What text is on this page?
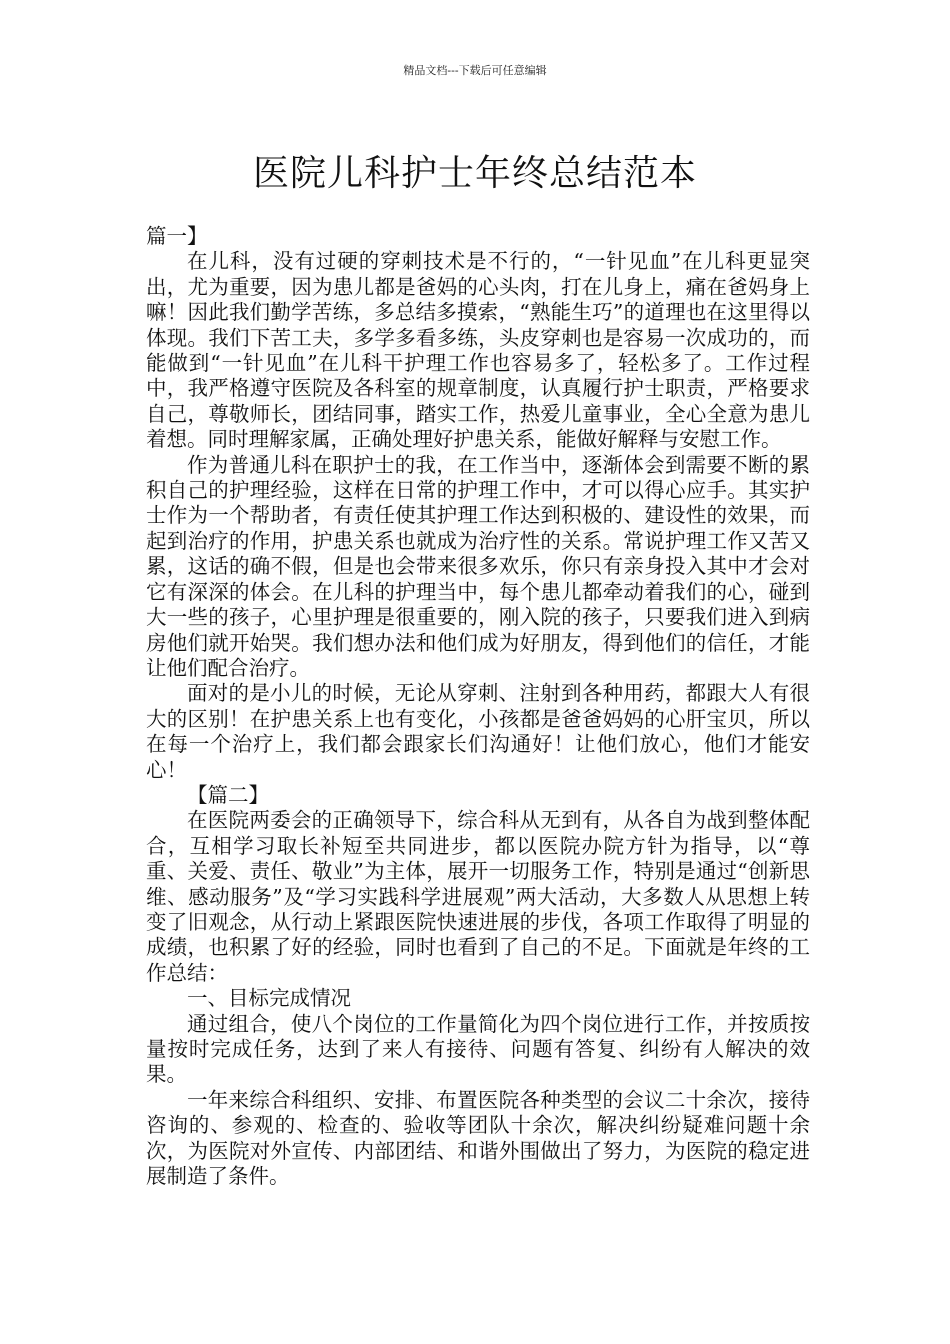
精品文档---下载后可任意编辑
医院儿科护士年终总结范本

篇一】

在儿科，没有过硬的穿刺技术是不行的，“一针见血”在儿科更显突出，尤为重要，因为患儿都是爸妈的心头肉，打在儿身上，痛在爸妈身上嘛！因此我们勤学苦练，多总结多摸索，“熟能生巧”的道理也在这里得以体现。我们下苦工夫，多学多看多练，头皮穿刺也是容易一次成功的，而能做到“一针见血”在儿科干护理工作也容易多了，轻松多了。工作过程中，我严格遵守医院及各科室的规章制度，认真履行护士职责，严格要求自己，尊敬师长，团结同事，踏实工作，热爱儿童事业，全心全意为患儿着想。同时理解家属，正确处理好护患关系，能做好解释与安慰工作。

作为普通儿科在职护士的我，在工作当中，逐渐体会到需要不断的累积自己的护理经验，这样在日常的护理工作中，才可以得心应手。其实护士作为一个帮助者，有责任使其护理工作达到积极的、建设性的效果，而起到治疗的作用，护患关系也就成为治疗性的关系。常说护理工作又苦又累，这话的确不假，但是也会带来很多欢乐，你只有亲身投入其中才会对它有深深的体会。在儿科的护理当中，每个患儿都牵动着我们的心，碰到大一些的孩子，心里护理是很重要的，刚入院的孩子，只要我们进入到病房他们就开始哭。我们想办法和他们成为好朋友，得到他们的信任，才能让他们配合治疗。

面对的是小儿的时候，无论从穿刺、注射到各种用药，都跟大人有很大的区别！在护患关系上也有变化，小孩都是爸爸妈妈的心肝宝贝，所以在每一个治疗上，我们都会跟家长们沟通好！让他们放心，他们才能安心！

【篇二】

在医院两委会的正确领导下，综合科从无到有，从各自为战到整体配合，互相学习取长补短至共同进步，都以医院办院方针为指导，以“尊重、关爱、责任、敬业”为主体，展开一切服务工作，特别是通过“创新思维、感动服务”及“学习实践科学进展观”两大活动，大多数人从思想上转变了旧观念，从行动上紧跟医院快速进展的步伐，各项工作取得了明显的成绩，也积累了好的经验，同时也看到了自己的不足。下面就是年终的工作总结：

一、目标完成情况

通过组合，使八个岗位的工作量简化为四个岗位进行工作，并按质按量按时完成任务，达到了来人有接待、问题有答复、纠纷有人解决的效果。

一年来综合科组织、安排、布置医院各种类型的会议二十余次，接待咨询的、参观的、检查的、验收等团队十余次，解决纠纷疑难问题十余次，为医院对外宣传、内部团结、和谐外围做出了努力，为医院的稳定进展制造了条件。
